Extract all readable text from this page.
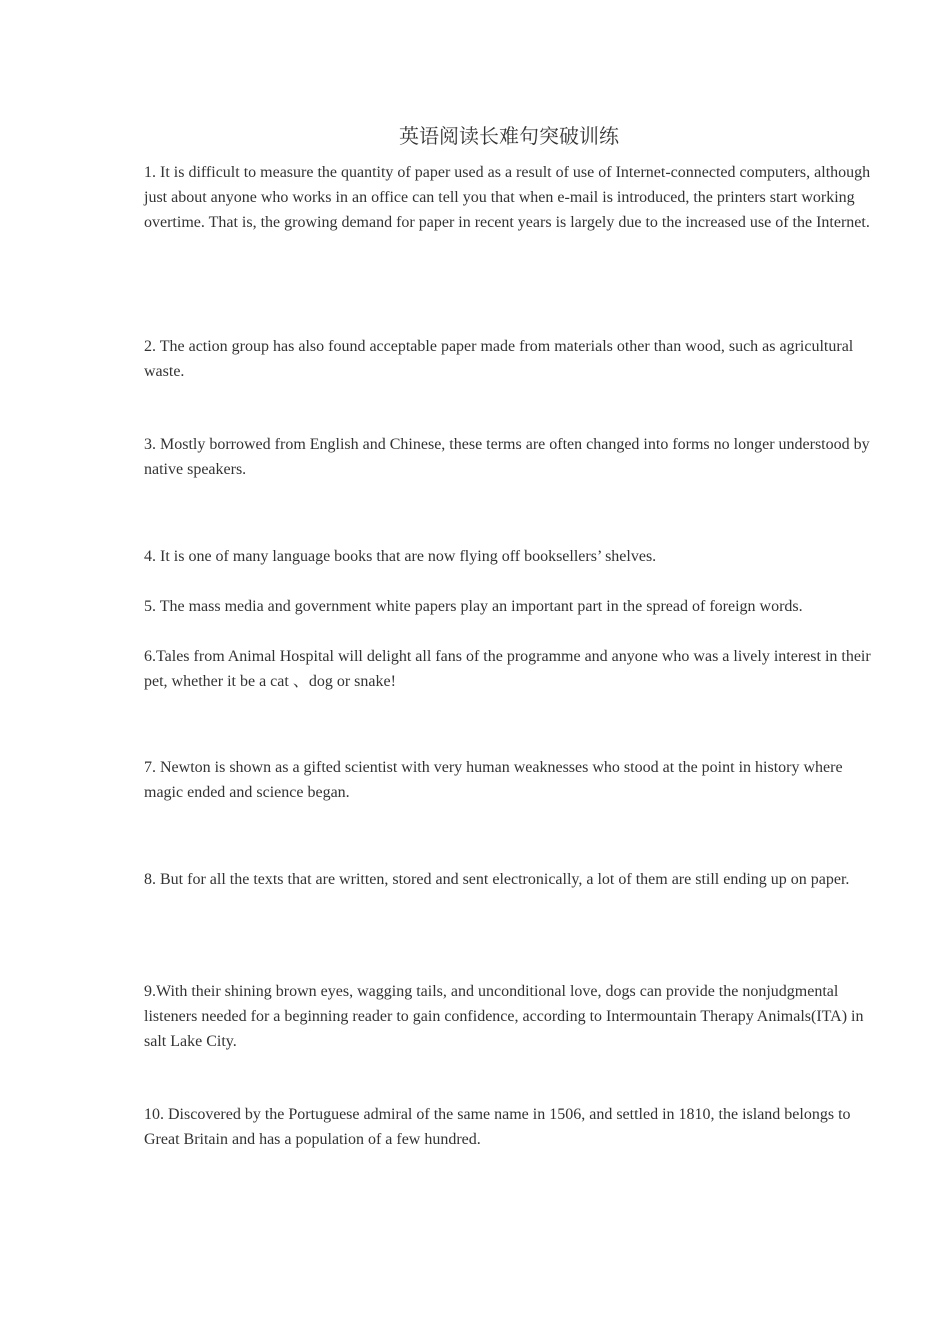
英语阅读长难句突破训练

1. It is difficult to measure the quantity of paper used as a result of use of Internet-connected computers, although just about anyone who works in an office can tell you that when e-mail is introduced, the printers start working overtime. That is, the growing demand for paper in recent years is largely due to the increased use of the Internet.

2. The action group has also found acceptable paper made from materials other than wood, such as agricultural waste.

3. Mostly borrowed from English and Chinese, these terms are often changed into forms no longer understood by native speakers.

4. It is one of many language books that are now flying off booksellers’ shelves.

5. The mass media and government white papers play an important part in the spread of foreign words.

6.Tales from Animal Hospital will delight all fans of the programme and anyone who was a lively interest in their pet, whether it be a cat 、dog or snake!

7. Newton is shown as a gifted scientist with very human weaknesses who stood at the point in history where magic ended and science began.

8. But for all the texts that are written, stored and sent electronically, a lot of them are still ending up on paper.

9.With their shining brown eyes, wagging tails, and unconditional love, dogs can provide the nonjudgmental listeners needed for a beginning reader to gain confidence, according to Intermountain Therapy Animals(ITA) in salt Lake City.

10. Discovered by the Portuguese admiral of the same name in 1506, and settled in 1810, the island belongs to Great Britain and has a population of a few hundred.
